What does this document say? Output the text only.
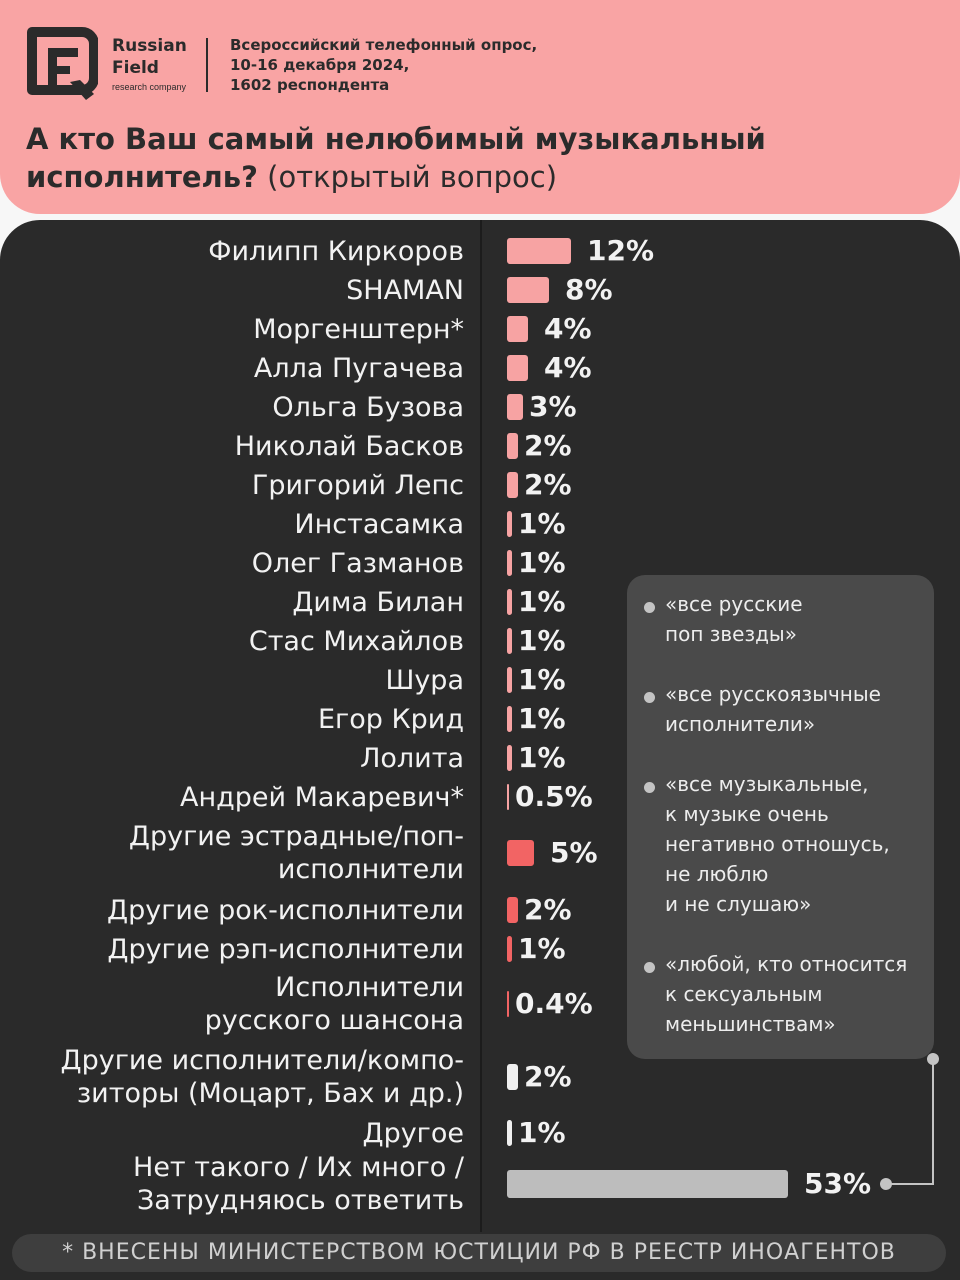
Russian
Field
research company
Всероссийский телефонный опрос,
10-16 декабря 2024,
1602 респондента
А кто Ваш самый нелюбимый музыкальный
исполнитель? (открытый вопрос)
Филипп Киркоров	12%
SHAMAN	8%
Моргенштерн*	4%
Алла Пугачева	4%
Ольга Бузова 3%
Николай Басков 2%
Григорий Лепс 2%
Инстасамка 1%
Олег Газманов 1%
Дима Билан 1%
Стас Михайлов 1%
Шура 1%
Егор Крид 1%
Лолита 1%
Андрей Макаревич* 0.5%
Другие эстрадные/поп-
исполнители
5%
Другие рок-исполнители 2%
Другие рэп-исполнители 1%
Исполнители
русского шансона
0.4%
Другие исполнители/компо-
зиторы (Моцарт, Бах и др.)
2%
Другое 1%
Нет такого / Их много /
Затрудняюсь ответить
53%
«все русские
поп звезды»
«все русскоязычные
исполнители»
«все музыкальные,
к музыке очень
негативно отношусь,
не люблю
и не слушаю»
«любой, кто относится
к сексуальным
меньшинствам»
* ВНЕСЕНЫ МИНИСТЕРСТВОМ ЮСТИЦИИ РФ В РЕЕСТР ИНОАГЕНТОВ
